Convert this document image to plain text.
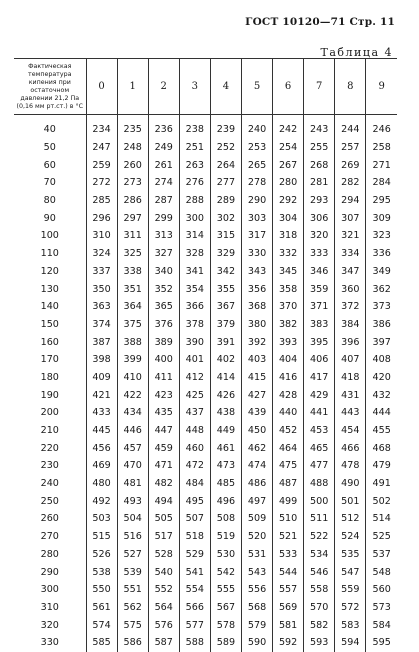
ГОСТ 10120—71 Стр. 11
Таблица 4
Фактическая температура кипения при остаточном давлении 21,2 Па (0,16 мм рт.ст.) в °С	0	1	2	3	4	5	6	7	8	9
40	234	235	236	238	239	240	242	243	244	246
50	247	248	249	251	252	253	254	255	257	258
60	259	260	261	263	264	265	267	268	269	271
70	272	273	274	276	277	278	280	281	282	284
80	285	286	287	288	289	290	292	293	294	295
90	296	297	299	300	302	303	304	306	307	309
100	310	311	313	314	315	317	318	320	321	323
110	324	325	327	328	329	330	332	333	334	336
120	337	338	340	341	342	343	345	346	347	349
130	350	351	352	354	355	356	358	359	360	362
140	363	364	365	366	367	368	370	371	372	373
150	374	375	376	378	379	380	382	383	384	386
160	387	388	389	390	391	392	393	395	396	397
170	398	399	400	401	402	403	404	406	407	408
180	409	410	411	412	414	415	416	417	418	420
190	421	422	423	425	426	427	428	429	431	432
200	433	434	435	437	438	439	440	441	443	444
210	445	446	447	448	449	450	452	453	454	455
220	456	457	459	460	461	462	464	465	466	468
230	469	470	471	472	473	474	475	477	478	479
240	480	481	482	484	485	486	487	488	490	491
250	492	493	494	495	496	497	499	500	501	502
260	503	504	505	507	508	509	510	511	512	514
270	515	516	517	518	519	520	521	522	524	525
280	526	527	528	529	530	531	533	534	535	537
290	538	539	540	541	542	543	544	546	547	548
300	550	551	552	554	555	556	557	558	559	560
310	561	562	564	566	567	568	569	570	572	573
320	574	575	576	577	578	579	581	582	583	584
330	585	586	587	588	589	590	592	593	594	595
